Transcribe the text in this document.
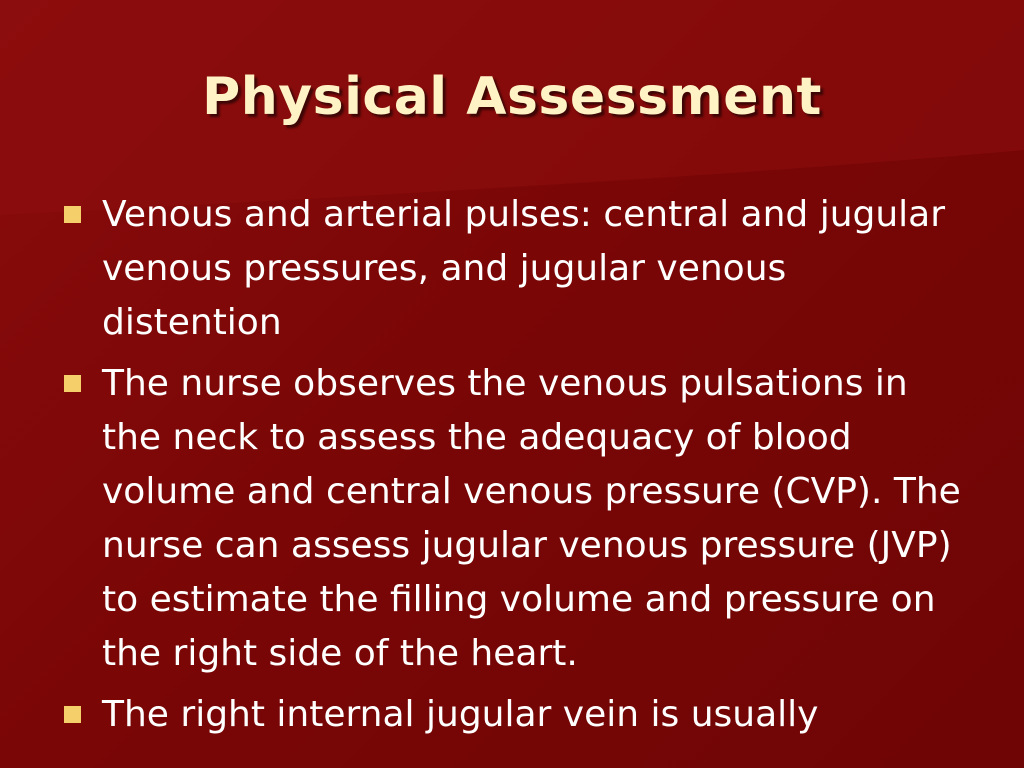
Physical Assessment
Venous and arterial pulses: central and jugular venous pressures, and jugular venous distention
The nurse observes the venous pulsations in the neck to assess the adequacy of blood volume and central venous pressure (CVP). The nurse can assess jugular venous pressure (JVP) to estimate the filling volume and pressure on the right side of the heart.
The right internal jugular vein is usually
